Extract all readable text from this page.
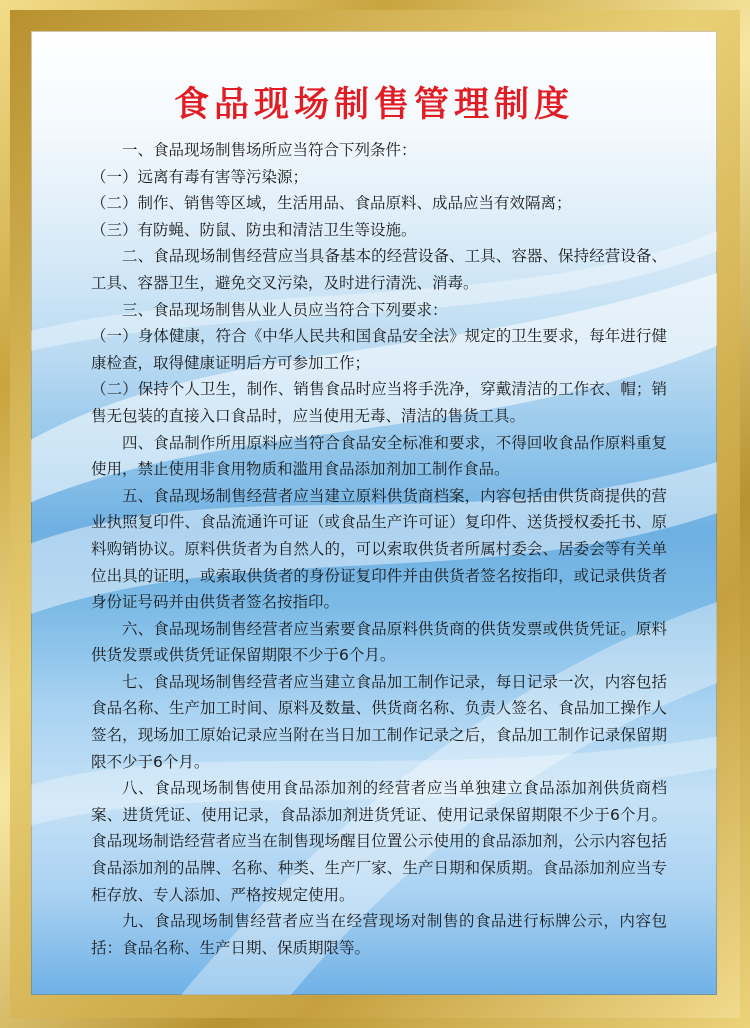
食品现场制售管理制度

一、食品现场制售场所应当符合下列条件：

（一）远离有毒有害等污染源；

（二）制作、销售等区域，生活用品、食品原料、成品应当有效隔离；

（三）有防蝇、防鼠、防虫和清洁卫生等设施。

二、食品现场制售经营应当具备基本的经营设备、工具、容器、保持经营设备、工具、容器卫生，避免交叉污染，及时进行清洗、消毒。

三、食品现场制售从业人员应当符合下列要求：

（一）身体健康，符合《中华人民共和国食品安全法》规定的卫生要求，每年进行健康检查，取得健康证明后方可参加工作；

（二）保持个人卫生，制作、销售食品时应当将手洗净，穿戴清洁的工作衣、帽；销售无包装的直接入口食品时，应当使用无毒、清洁的售货工具。

四、食品制作所用原料应当符合食品安全标准和要求，不得回收食品作原料重复使用，禁止使用非食用物质和滥用食品添加剂加工制作食品。

五、食品现场制售经营者应当建立原料供货商档案，内容包括由供货商提供的营业执照复印件、食品流通许可证（或食品生产许可证）复印件、送货授权委托书、原料购销协议。原料供货者为自然人的，可以索取供货者所属村委会、居委会等有关单位出具的证明，或索取供货者的身份证复印件并由供货者签名按指印，或记录供货者身份证号码并由供货者签名按指印。

六、食品现场制售经营者应当索要食品原料供货商的供货发票或供货凭证。原料供货发票或供货凭证保留期限不少于6个月。

七、食品现场制售经营者应当建立食品加工制作记录，每日记录一次，内容包括食品名称、生产加工时间、原料及数量、供货商名称、负责人签名、食品加工操作人签名，现场加工原始记录应当附在当日加工制作记录之后，食品加工制作记录保留期限不少于6个月。

八、食品现场制售使用食品添加剂的经营者应当单独建立食品添加剂供货商档案、进货凭证、使用记录，食品添加剂进货凭证、使用记录保留期限不少于6个月。食品现场制诰经营者应当在制售现场醒目位置公示使用的食品添加剂，公示内容包括食品添加剂的品牌、名称、种类、生产厂家、生产日期和保质期。食品添加剂应当专柜存放、专人添加、严格按规定使用。

九、食品现场制售经营者应当在经营现场对制售的食品进行标牌公示，内容包括：食品名称、生产日期、保质期限等。
